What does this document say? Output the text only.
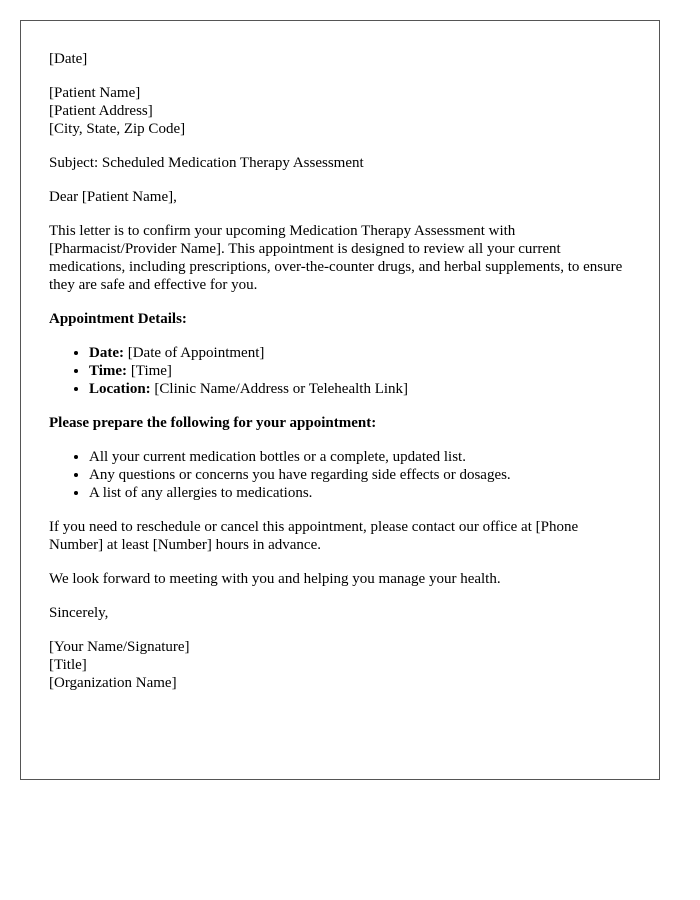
[Date]

[Patient Name]
[Patient Address]
[City, State, Zip Code]

Subject: Scheduled Medication Therapy Assessment

Dear [Patient Name],

This letter is to confirm your upcoming Medication Therapy Assessment with [Pharmacist/Provider Name]. This appointment is designed to review all your current medications, including prescriptions, over-the-counter drugs, and herbal supplements, to ensure they are safe and effective for you.

Appointment Details:

• Date: [Date of Appointment]
• Time: [Time]
• Location: [Clinic Name/Address or Telehealth Link]

Please prepare the following for your appointment:

• All your current medication bottles or a complete, updated list.
• Any questions or concerns you have regarding side effects or dosages.
• A list of any allergies to medications.

If you need to reschedule or cancel this appointment, please contact our office at [Phone Number] at least [Number] hours in advance.

We look forward to meeting with you and helping you manage your health.

Sincerely,

[Your Name/Signature]
[Title]
[Organization Name]
